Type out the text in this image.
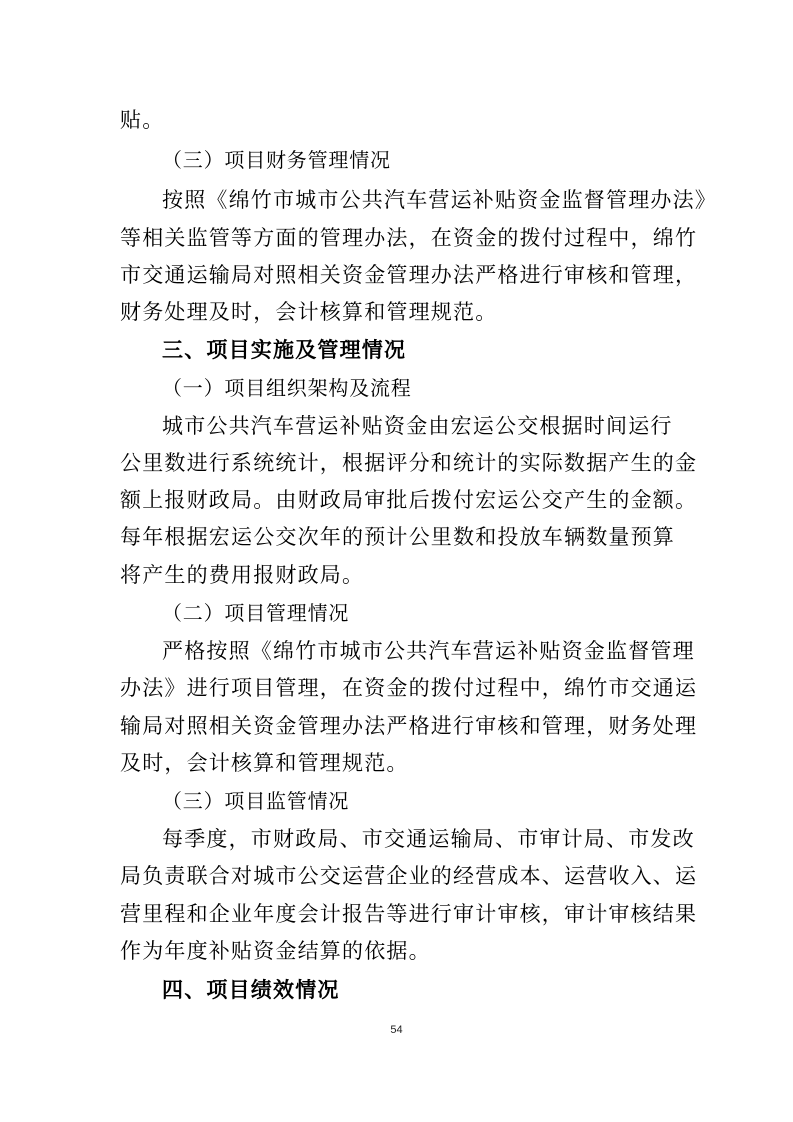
贴。
（三）项目财务管理情况
按照《绵竹市城市公共汽车营运补贴资金监督管理办法》
等相关监管等方面的管理办法，在资金的拨付过程中，绵竹
市交通运输局对照相关资金管理办法严格进行审核和管理，
财务处理及时，会计核算和管理规范。
三、项目实施及管理情况
（一）项目组织架构及流程
城市公共汽车营运补贴资金由宏运公交根据时间运行
公里数进行系统统计，根据评分和统计的实际数据产生的金
额上报财政局。由财政局审批后拨付宏运公交产生的金额。
每年根据宏运公交次年的预计公里数和投放车辆数量预算
将产生的费用报财政局。
（二）项目管理情况
严格按照《绵竹市城市公共汽车营运补贴资金监督管理
办法》进行项目管理，在资金的拨付过程中，绵竹市交通运
输局对照相关资金管理办法严格进行审核和管理，财务处理
及时，会计核算和管理规范。
（三）项目监管情况
每季度，市财政局、市交通运输局、市审计局、市发改
局负责联合对城市公交运营企业的经营成本、运营收入、运
营里程和企业年度会计报告等进行审计审核，审计审核结果
作为年度补贴资金结算的依据。
四、项目绩效情况
54
